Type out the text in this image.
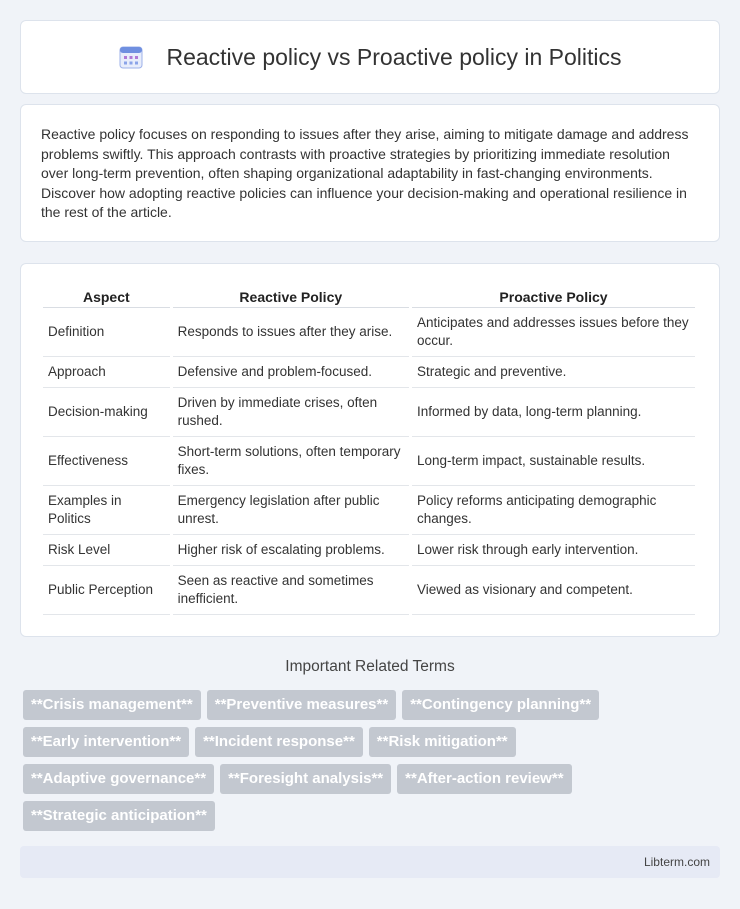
Reactive policy vs Proactive policy in Politics

Reactive policy focuses on responding to issues after they arise, aiming to mitigate damage and address problems swiftly. This approach contrasts with proactive strategies by prioritizing immediate resolution over long-term prevention, often shaping organizational adaptability in fast-changing environments. Discover how adopting reactive policies can influence your decision-making and operational resilience in the rest of the article.

Aspect	Reactive Policy	Proactive Policy
Definition	Responds to issues after they arise.	Anticipates and addresses issues before they occur.
Approach	Defensive and problem-focused.	Strategic and preventive.
Decision-making	Driven by immediate crises, often rushed.	Informed by data, long-term planning.
Effectiveness	Short-term solutions, often temporary fixes.	Long-term impact, sustainable results.
Examples in Politics	Emergency legislation after public unrest.	Policy reforms anticipating demographic changes.
Risk Level	Higher risk of escalating problems.	Lower risk through early intervention.
Public Perception	Seen as reactive and sometimes inefficient.	Viewed as visionary and competent.
Important Related Terms
**Crisis management**	**Preventive measures**	**Contingency planning**
**Early intervention**	**Incident response**	**Risk mitigation**
**Adaptive governance**	**Foresight analysis**	**After-action review**
**Strategic anticipation**
Libterm.com
